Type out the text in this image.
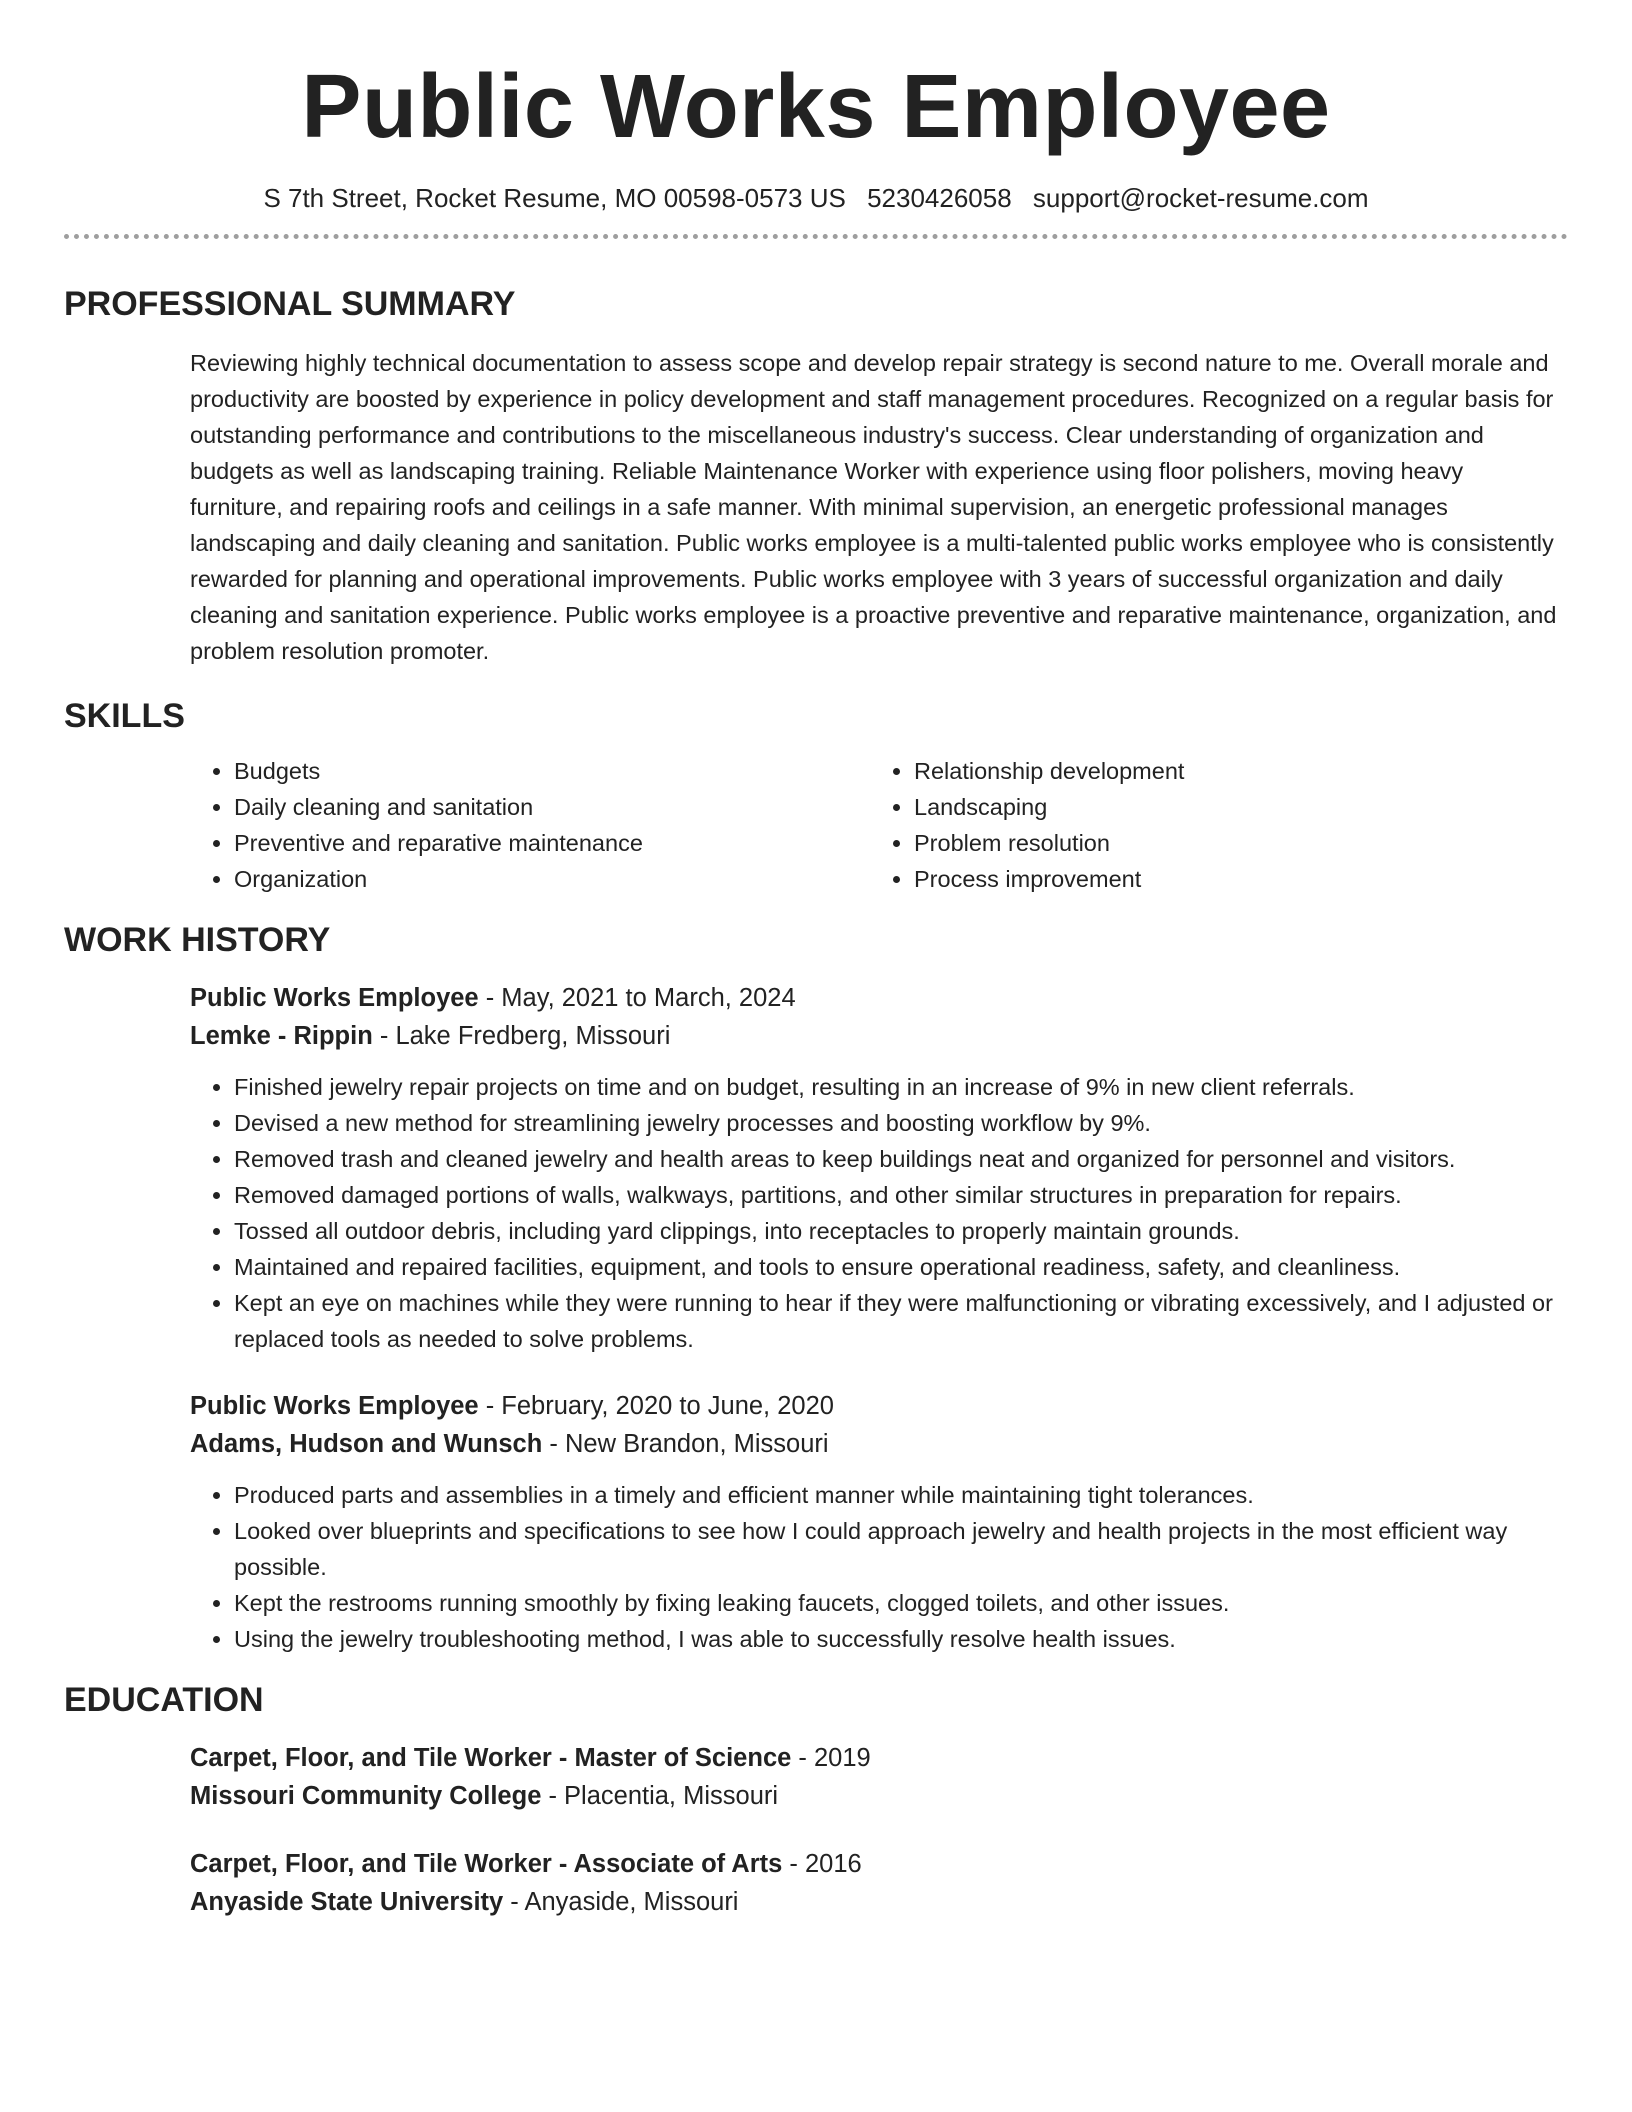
Public Works Employee
S 7th Street, Rocket Resume, MO 00598-0573 US 5230426058 support@rocket-resume.com
PROFESSIONAL SUMMARY

Reviewing highly technical documentation to assess scope and develop repair strategy is second nature to me. Overall morale and productivity are boosted by experience in policy development and staff management procedures. Recognized on a regular basis for outstanding performance and contributions to the miscellaneous industry's success. Clear understanding of organization and budgets as well as landscaping training. Reliable Maintenance Worker with experience using floor polishers, moving heavy furniture, and repairing roofs and ceilings in a safe manner. With minimal supervision, an energetic professional manages landscaping and daily cleaning and sanitation. Public works employee is a multi-talented public works employee who is consistently rewarded for planning and operational improvements. Public works employee with 3 years of successful organization and daily cleaning and sanitation experience. Public works employee is a proactive preventive and reparative maintenance, organization, and problem resolution promoter.

SKILLS
• Budgets
• Daily cleaning and sanitation
• Preventive and reparative maintenance
• Organization
• Relationship development
• Landscaping
• Problem resolution
• Process improvement
WORK HISTORY
Public Works Employee - May, 2021 to March, 2024
Lemke - Rippin - Lake Fredberg, Missouri
• Finished jewelry repair projects on time and on budget, resulting in an increase of 9% in new client referrals.
• Devised a new method for streamlining jewelry processes and boosting workflow by 9%.
• Removed trash and cleaned jewelry and health areas to keep buildings neat and organized for personnel and visitors.
• Removed damaged portions of walls, walkways, partitions, and other similar structures in preparation for repairs.
• Tossed all outdoor debris, including yard clippings, into receptacles to properly maintain grounds.
• Maintained and repaired facilities, equipment, and tools to ensure operational readiness, safety, and cleanliness.
• Kept an eye on machines while they were running to hear if they were malfunctioning or vibrating excessively, and I adjusted or replaced tools as needed to solve problems.
Public Works Employee - February, 2020 to June, 2020
Adams, Hudson and Wunsch - New Brandon, Missouri
• Produced parts and assemblies in a timely and efficient manner while maintaining tight tolerances.
• Looked over blueprints and specifications to see how I could approach jewelry and health projects in the most efficient way possible.
• Kept the restrooms running smoothly by fixing leaking faucets, clogged toilets, and other issues.
• Using the jewelry troubleshooting method, I was able to successfully resolve health issues.
EDUCATION
Carpet, Floor, and Tile Worker - Master of Science - 2019
Missouri Community College - Placentia, Missouri
Carpet, Floor, and Tile Worker - Associate of Arts - 2016
Anyaside State University - Anyaside, Missouri
